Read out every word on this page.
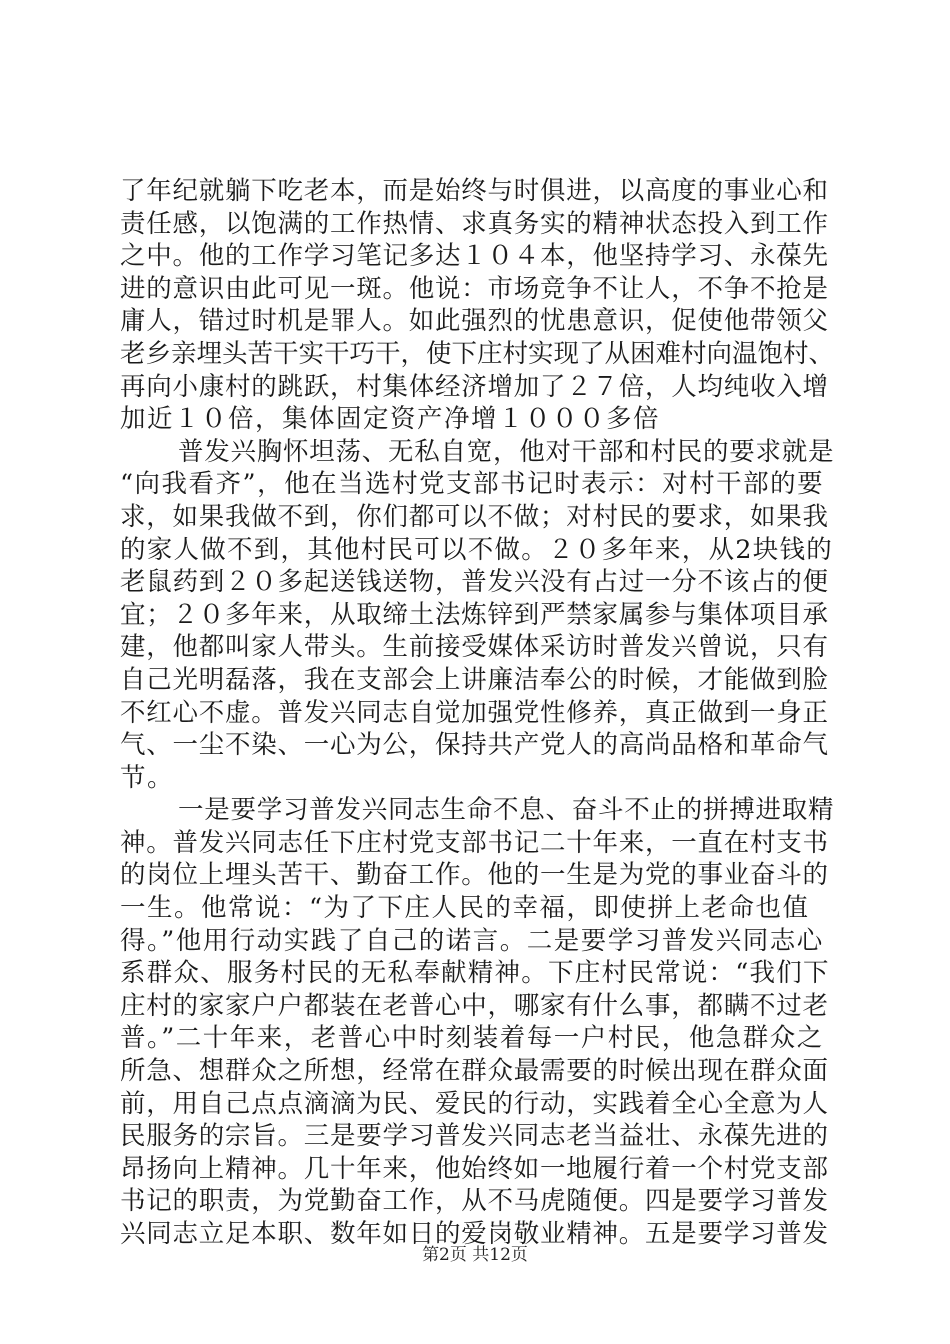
了年纪就躺下吃老本，而是始终与时俱进，以高度的事业心和
责任感，以饱满的工作热情、求真务实的精神状态投入到工作
之中。他的工作学习笔记多达１０４本，他坚持学习、永葆先
进的意识由此可见一斑。他说：市场竞争不让人，不争不抢是
庸人，错过时机是罪人。如此强烈的忧患意识，促使他带领父
老乡亲埋头苦干实干巧干，使下庄村实现了从困难村向温饱村、
再向小康村的跳跃，村集体经济增加了２７倍，人均纯收入增
加近１０倍，集体固定资产净增１０００多倍
普发兴胸怀坦荡、无私自宽，他对干部和村民的要求就是
“向我看齐”，他在当选村党支部书记时表示：对村干部的要
求，如果我做不到，你们都可以不做；对村民的要求，如果我
的家人做不到，其他村民可以不做。２０多年来，从2块钱的
老鼠药到２０多起送钱送物，普发兴没有占过一分不该占的便
宜；２０多年来，从取缔土法炼锌到严禁家属参与集体项目承
建，他都叫家人带头。生前接受媒体采访时普发兴曾说，只有
自己光明磊落，我在支部会上讲廉洁奉公的时候，才能做到脸
不红心不虚。普发兴同志自觉加强党性修养，真正做到一身正
气、一尘不染、一心为公，保持共产党人的高尚品格和革命气
节。
一是要学习普发兴同志生命不息、奋斗不止的拼搏进取精
神。普发兴同志任下庄村党支部书记二十年来，一直在村支书
的岗位上埋头苦干、勤奋工作。他的一生是为党的事业奋斗的
一生。他常说：“为了下庄人民的幸福，即使拼上老命也值
得。”他用行动实践了自己的诺言。二是要学习普发兴同志心
系群众、服务村民的无私奉献精神。下庄村民常说：“我们下
庄村的家家户户都装在老普心中，哪家有什么事，都瞒不过老
普。”二十年来，老普心中时刻装着每一户村民，他急群众之
所急、想群众之所想，经常在群众最需要的时候出现在群众面
前，用自己点点滴滴为民、爱民的行动，实践着全心全意为人
民服务的宗旨。三是要学习普发兴同志老当益壮、永葆先进的
昂扬向上精神。几十年来，他始终如一地履行着一个村党支部
书记的职责，为党勤奋工作，从不马虎随便。四是要学习普发
兴同志立足本职、数年如日的爱岗敬业精神。五是要学习普发
第2页 共12页
